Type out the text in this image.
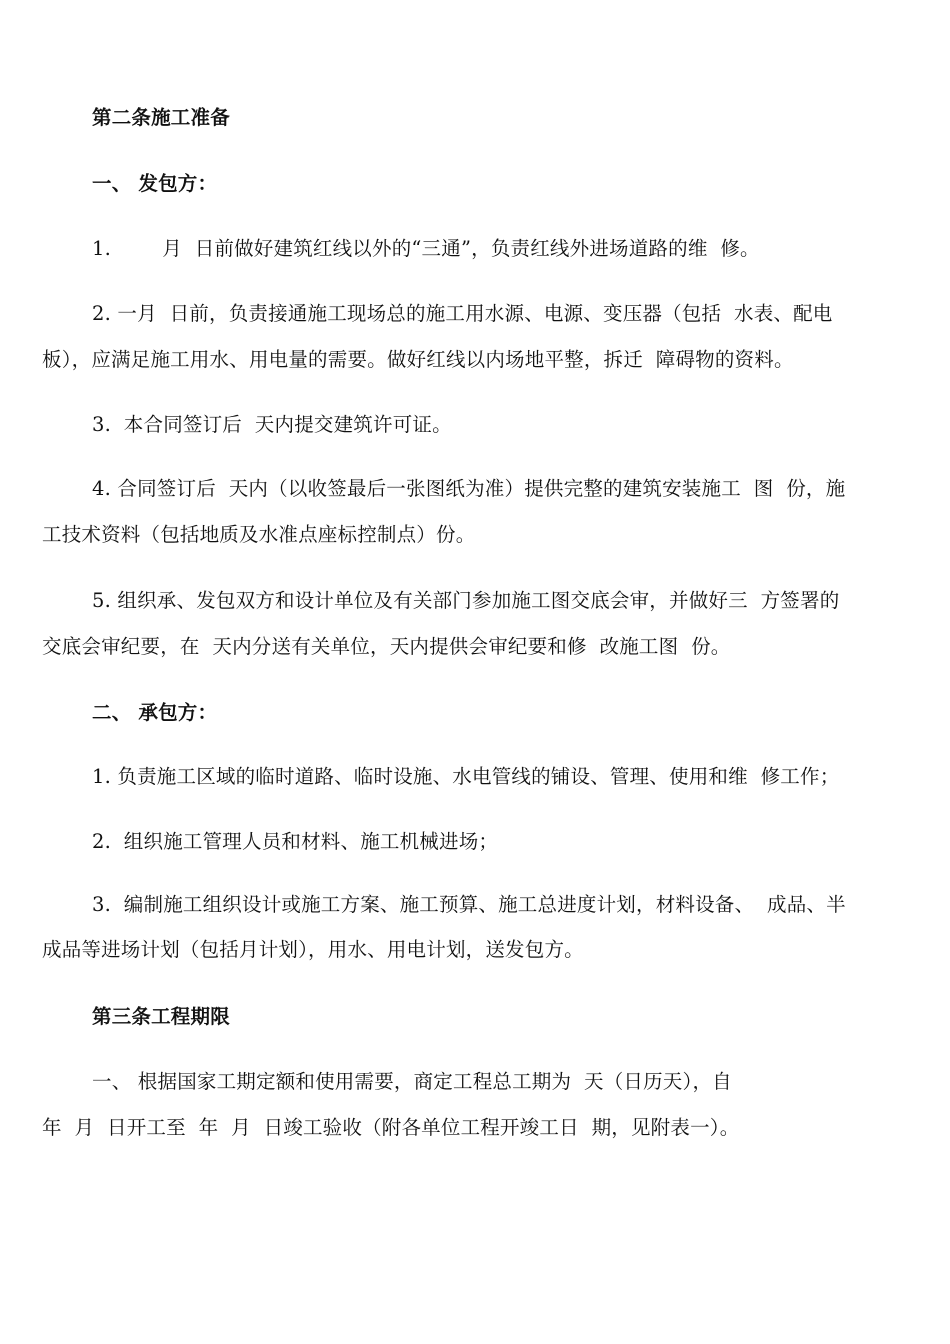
第二条施工准备
一、 发包方：
1.        月  日前做好建筑红线以外的“三通”，负责红线外进场道路的维  修。
2. 一月  日前，负责接通施工现场总的施工用水源、电源、变压器（包括  水表、配电
板），应满足施工用水、用电量的需要。做好红线以内场地平整，拆迁  障碍物的资料。
3.  本合同签订后  天内提交建筑许可证。
4. 合同签订后  天内（以收签最后一张图纸为准）提供完整的建筑安装施工  图  份，施
工技术资料（包括地质及水准点座标控制点）份。
5. 组织承、发包双方和设计单位及有关部门参加施工图交底会审，并做好三  方签署的
交底会审纪要，在  天内分送有关单位，天内提供会审纪要和修  改施工图  份。
二、 承包方：
1. 负责施工区域的临时道路、临时设施、水电管线的铺设、管理、使用和维  修工作；
2.  组织施工管理人员和材料、施工机械进场；
3.  编制施工组织设计或施工方案、施工预算、施工总进度计划，材料设备、  成品、半
成品等进场计划（包括月计划），用水、用电计划，送发包方。
第三条工程期限
一、 根据国家工期定额和使用需要，商定工程总工期为  天（日历天），自
年  月  日开工至  年  月  日竣工验收（附各单位工程开竣工日  期，见附表一）。
